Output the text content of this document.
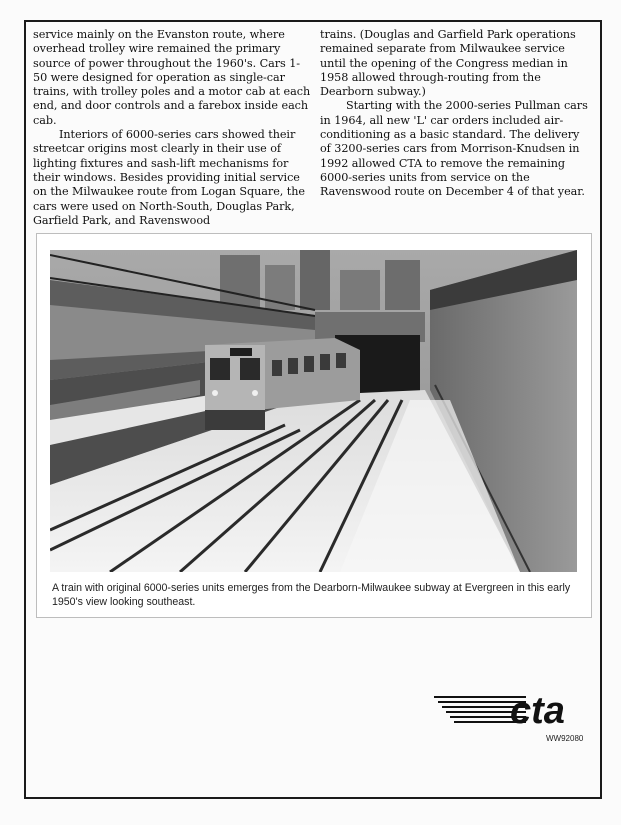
service mainly on the Evanston route, where overhead trolley wire remained the primary source of power throughout the 1960's. Cars 1-50 were designed for operation as single-car trains, with trolley poles and a motor cab at each end, and door controls and a farebox inside each cab.

Interiors of 6000-series cars showed their streetcar origins most clearly in their use of lighting fixtures and sash-lift mechanisms for their windows. Besides providing initial service on the Milwaukee route from Logan Square, the cars were used on North-South, Douglas Park, Garfield Park, and Ravenswood

trains. (Douglas and Garfield Park operations remained separate from Milwaukee service until the opening of the Congress median in 1958 allowed through-routing from the Dearborn subway.)

Starting with the 2000-series Pullman cars in 1964, all new 'L' car orders included air-conditioning as a basic standard. The delivery of 3200-series cars from Morrison-Knudsen in 1992 allowed CTA to remove the remaining 6000-series units from service on the Ravenswood route on December 4 of that year.

A train with original 6000-series units emerges from the Dearborn-Milwaukee subway at Evergreen in this early 1950's view looking southeast.
cta
WW92080
